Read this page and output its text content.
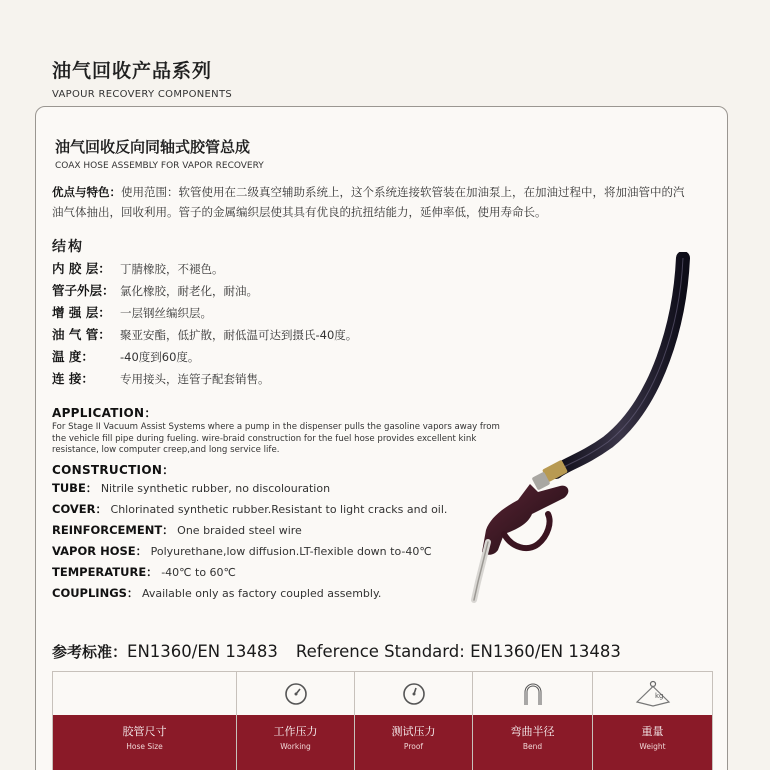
油气回收产品系列
VAPOUR RECOVERY COMPONENTS
油气回收反向同轴式胶管总成
COAX HOSE ASSEMBLY FOR VAPOR RECOVERY
优点与特色：使用范围：软管使用在二级真空辅助系统上，这个系统连接软管装在加油泵上，在加油过程中，将加油管中的汽油气体抽出，回收利用。管子的金属编织层使其具有优良的抗扭结能力，延伸率低，使用寿命长。
结构
内 胶 层： 丁腈橡胶，不褪色。
管子外层： 氯化橡胶，耐老化，耐油。
增 强 层： 一层钢丝编织层。
油 气 管： 聚亚安酯，低扩散，耐低温可达到摄氏-40度。
温 度：	-40度到60度。
连 接：	专用接头，连管子配套销售。
APPLICATION：
For Stage II Vacuum Assist Systems where a pump in the dispenser pulls the gasoline vapors away from the vehicle fill pipe during fueling. wire-braid construction for the fuel hose provides excellent kink resistance, low computer creep,and long service life.
CONSTRUCTION：
TUBE： Nitrile synthetic rubber, no discolouration
COVER： Chlorinated synthetic rubber.Resistant to light cracks and oil.
REINFORCEMENT： One braided steel wire
VAPOR HOSE： Polyurethane,low diffusion.LT-flexible down to-40℃
TEMPERATURE： -40℃ to 60℃
COUPLINGS： Available only as factory coupled assembly.
参考标准：EN1360/EN 13483 Reference Standard: EN1360/EN 13483
胶管尺寸
Hose Size
工作压力
Working
测试压力
Proof
弯曲半径
Bend
kg
重量
Weight
